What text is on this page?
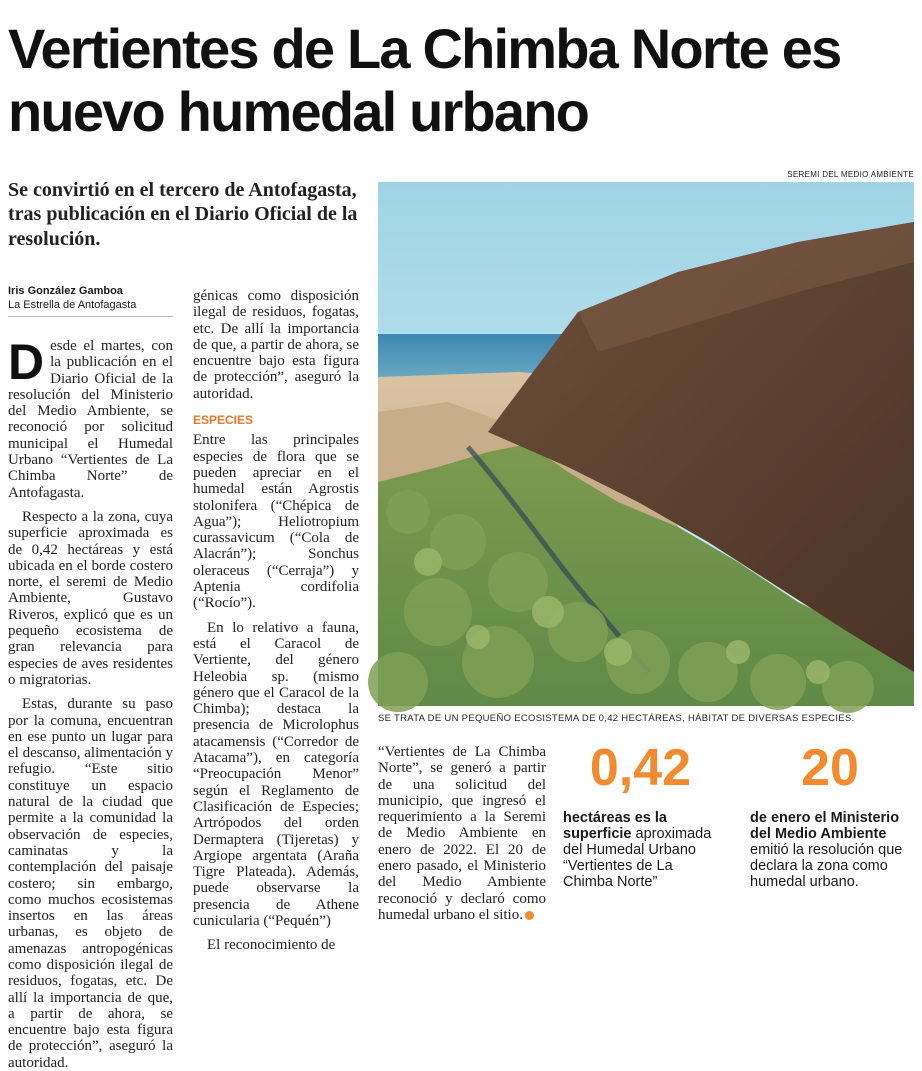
Vertientes de La Chimba Norte es nuevo humedal urbano

Se convirtió en el tercero de Antofagasta, tras publicación en el Diario Oficial de la resolución.

Iris González Gamboa
La Estrella de Antofagasta

Desde el martes, con la publicación en el Diario Oficial de la resolución del Ministerio del Medio Ambiente, se reconoció por solicitud municipal el Humedal Urbano “Vertientes de La Chimba Norte” de Antofagasta.

Respecto a la zona, cuya superficie aproximada es de 0,42 hectáreas y está ubicada en el borde costero norte, el seremi de Medio Ambiente, Gustavo Riveros, explicó que es un pequeño ecosistema de gran relevancia para especies de aves residentes o migratorias.

Estas, durante su paso por la comuna, encuentran en ese punto un lugar para el descanso, alimentación y refugio. “Este sitio constituye un espacio natural de la ciudad que permite a la comunidad la observación de especies, caminatas y la contemplación del paisaje costero; sin embargo, como muchos ecosistemas insertos en las áreas urbanas, es objeto de amenazas antropogénicas como disposición ilegal de residuos, fogatas, etc. De allí la importancia de que, a partir de ahora, se encuentre bajo esta figura de protección”, aseguró la autoridad.

génicas como disposición ilegal de residuos, fogatas, etc. De allí la importancia de que, a partir de ahora, se encuentre bajo esta figura de protección”, aseguró la autoridad.

ESPECIES

Entre las principales especies de flora que se pueden apreciar en el humedal están Agrostis stolonifera (“Chépica de Agua”); Heliotropium curassavicum (“Cola de Alacrán”); Sonchus oleraceus (“Cerraja”) y Aptenia cordifolia (“Rocío”).

En lo relativo a fauna, está el Caracol de Vertiente, del género Heleobia sp. (mismo género que el Caracol de la Chimba); destaca la presencia de Microlophus atacamensis (“Corredor de Atacama”), en categoría “Preocupación Menor” según el Reglamento de Clasificación de Especies; Artrópodos del orden Dermaptera (Tijeretas) y Argiope argentata (Araña Tigre Plateada). Además, puede observarse la presencia de Athene cunicularia (“Pequén”)

El reconocimiento de

SEREMI DEL MEDIO AMBIENTE
SE TRATA DE UN PEQUEÑO ECOSISTEMA DE 0,42 HECTÁREAS, HÁBITAT DE DIVERSAS ESPECIES.

“Vertientes de La Chimba Norte”, se generó a partir de una solicitud del municipio, que ingresó el requerimiento a la Seremi de Medio Ambiente en enero de 2022. El 20 de enero pasado, el Ministerio del Medio Ambiente reconoció y declaró como humedal urbano el sitio.

0,42
hectáreas es la superficie aproximada del Humedal Urbano “Vertientes de La Chimba Norte”
20
de enero el Ministerio del Medio Ambiente emitió la resolución que declara la zona como humedal urbano.
